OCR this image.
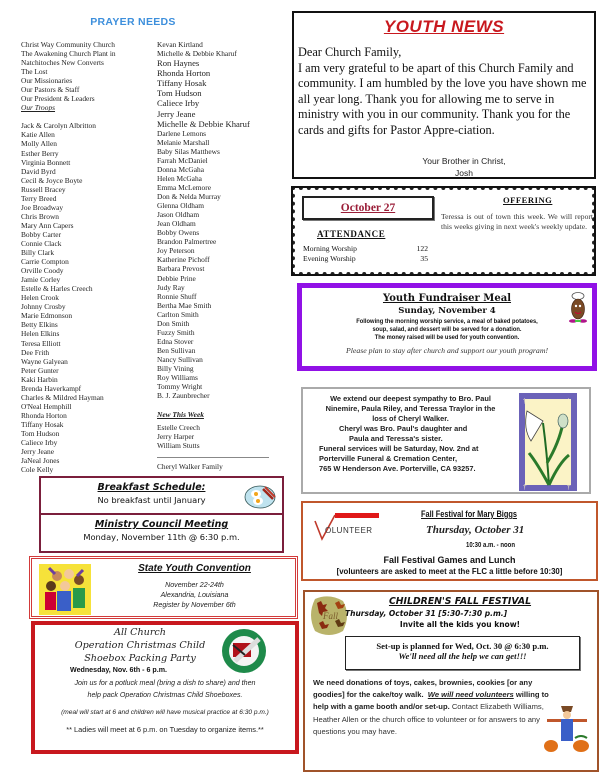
PRAYER NEEDS
Christ Way Community Church
The Awakening Church Plant in
Natchitoches New Converts
The Lost
Our Missionaries
Our Pastors & Staff
Our President & Leaders
Our Troops
Jack & Carolyn Albritton
Katie Allen
Molly Allen
Esther Berry
Virginia Bonnett
David Byrd
Cecil & Joyce Boyte
Russell Bracey
Terry Breed
Joe Broadway
Chris Brown
Mary Ann Capers
Bobby Carter
Connie Clack
Billy Clark
Carrie Compton
Orville Coody
Jamie Corley
Estelle & Harles Creech
Helen Crook
Johnny Crosby
Marie Edmonson
Betty Elkins
Helen Elkins
Teresa Elliott
Dee Frith
Wayne Galyean
Peter Gunter
Kaki Harbin
Brenda Haverkampf
Charles & Mildred Hayman
O'Neal Hemphill
Rhonda Horton
Tiffany Hosak
Tom Hudson
Caliece Irby
Jerry Jeane
JaNeal Jones
Cole Kelly
Kevan Kirtland
Michelle & Debbie Kharuf
Ron Haynes
Rhonda Horton
Tiffany Hosak
Tom Hudson
Caliece Irby
Jerry Jeane
Michelle & Debbie Kharuf
Darlene Lemons
Melanie Marshall
Baby Silas Matthews
Farrah McDaniel
Donna McGaha
Helen McGaha
Emma McLemore
Don & Nelda Murray
Glenna Oldham
Jason Oldham
Jean Oldham
Bobby Owens
Brandon Palmertree
Joy Peterson
Katherine Pichoff
Barbara Prevost
Debbie Prine
Judy Ray
Ronnie Shuff
Bertha Mae Smith
Carlton Smith
Don Smith
Fuzzy Smith
Edna Stover
Ben Sullivan
Nancy Sullivan
Billy Vining
Roy Williams
Tommy Wright
B. J. Zaunbrecher
New This Week
Estelle Creech
Jerry Harper
William Stutts
Cheryl Walker Family
YOUTH NEWS
Dear Church Family,
I am very grateful to be apart of this Church Family and community. I am humbled by the love you have shown me all year long. Thank you for allowing me to serve in ministry with you in our community. Thank you for the cards and gifts for Pastor Appre-ciation.
Your Brother in Christ,
Josh
October 27
ATTENDANCE
Morning Worship	122
Evening Worship	35
OFFERING
Teressa is out of town this week. We will report this weeks giving in next week's weekly update.
Youth Fundraiser Meal
Sunday, November 4
Following the morning worship service, a meal of baked potatoes,
soup, salad, and dessert will be served for a donation.
The money raised will be used for youth convention.
Please plan to stay after church and support our youth program!
We extend our deepest sympathy to Bro. Paul
Ninemire, Paula Riley, and Teressa Traylor in the
loss of Cheryl Walker.
Cheryl was Bro. Paul's daughter and
Paula and Teressa's sister.
Funeral services will be Saturday, Nov. 2nd at
Porterville Funeral & Cremation Center,
765 W Henderson Ave. Porterville, CA 93257.
†	†
†	†
OLUNTEER
Fall Festival for Mary Biggs
Thursday, October 31
10:30 a.m. - noon
Fall Festival Games and Lunch
[volunteers are asked to meet at the FLC a little before 10:30]
Fall
CHILDREN'S FALL FESTIVAL
Thursday, October 31 [5:30-7:30 p.m.]
Invite all the kids you know!
Set-up is planned for Wed, Oct. 30 @ 6:30 p.m.
We'll need all the help we can get!!!
We need donations of toys, cakes, brownies, cookies [or any goodies] for the cake/toy walk. We will need volunteers willing to help with a game booth and/or set-up. Contact Elizabeth Williams, Heather Allen or the church office to volunteer or for answers to any questions you may have.
Breakfast Schedule:
No breakfast until January
Ministry Council Meeting
Monday, November 11th @ 6:30 p.m.
State Youth Convention
November 22-24th
Alexandria, Louisiana
Register by November 6th
All Church
Operation Christmas Child
Shoebox Packing Party
Wednesday, Nov. 6th - 6 p.m.
Join us for a potluck meal (bring a dish to share) and then
help pack Operation Christmas Child Shoeboxes.
(meal will start at 6 and children will have musical practice at 6:30 p.m.)
** Ladies will meet at 6 p.m. on Tuesday to organize items.**
